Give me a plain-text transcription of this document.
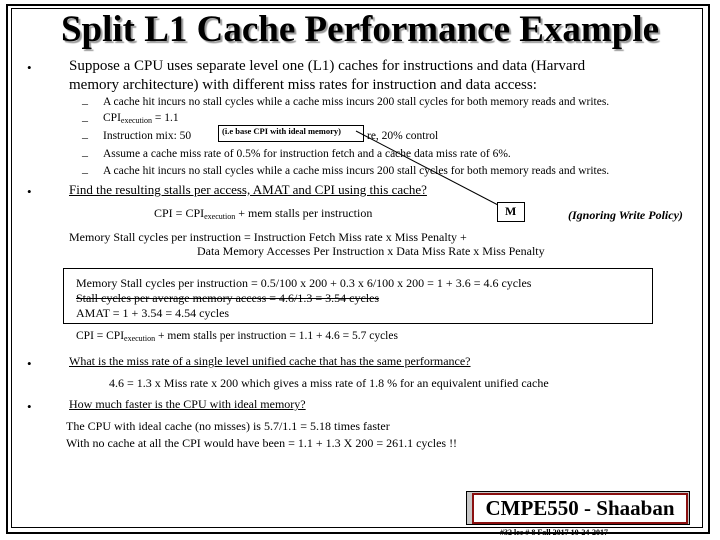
Split L1 Cache Performance Example
• Suppose a CPU uses separate level one (L1) caches for instructions and data (Harvard
memory architecture) with different miss rates for instruction and data access:
– A cache hit incurs no stall cycles while a cache miss incurs 200 stall cycles for both memory reads and writes.
– $CPI_{execution} = 1.1$
– Instruction mix: 50	(i.e base CPI with ideal memory) re, 20% control
– Assume a cache miss rate of 0.5% for instruction fetch and a cache data miss rate of 6%.
– A cache hit incurs no stall cycles while a cache miss incurs 200 stall cycles for both memory reads and writes.
•	Find the resulting stalls per access, AMAT and CPI using this cache?
CPI = $CPI_{execution}$ + mem stalls per instruction	M	(Ignoring Write Policy)
Memory Stall cycles per instruction = Instruction Fetch Miss rate x Miss Penalty +
Data Memory Accesses Per Instruction x Data Miss Rate x Miss Penalty
Memory Stall cycles per instruction = 0.5/100 x 200 + 0.3 x 6/100 x 200 = 1 + 3.6 = 4.6 cycles
Stall cycles per average memory access = 4.6/1.3 = 3.54 cycles
AMAT = 1 + 3.54 = 4.54 cycles
CPI = $CPI_{execution}$ + mem stalls per instruction = 1.1 + 4.6 = 5.7 cycles
•	What is the miss rate of a single level unified cache that has the same performance?
4.6 = 1.3 x Miss rate x 200 which gives a miss rate of 1.8 % for an equivalent unified cache
•	How much faster is the CPU with ideal memory?
The CPU with ideal cache (no misses) is 5.7/1.1 = 5.18 times faster
With no cache at all the CPI would have been = 1.1 + 1.3 X 200 = 261.1 cycles !!
CMPE550 - Shaaban
#32 lec # 8 Fall 2017 10-24-2017
